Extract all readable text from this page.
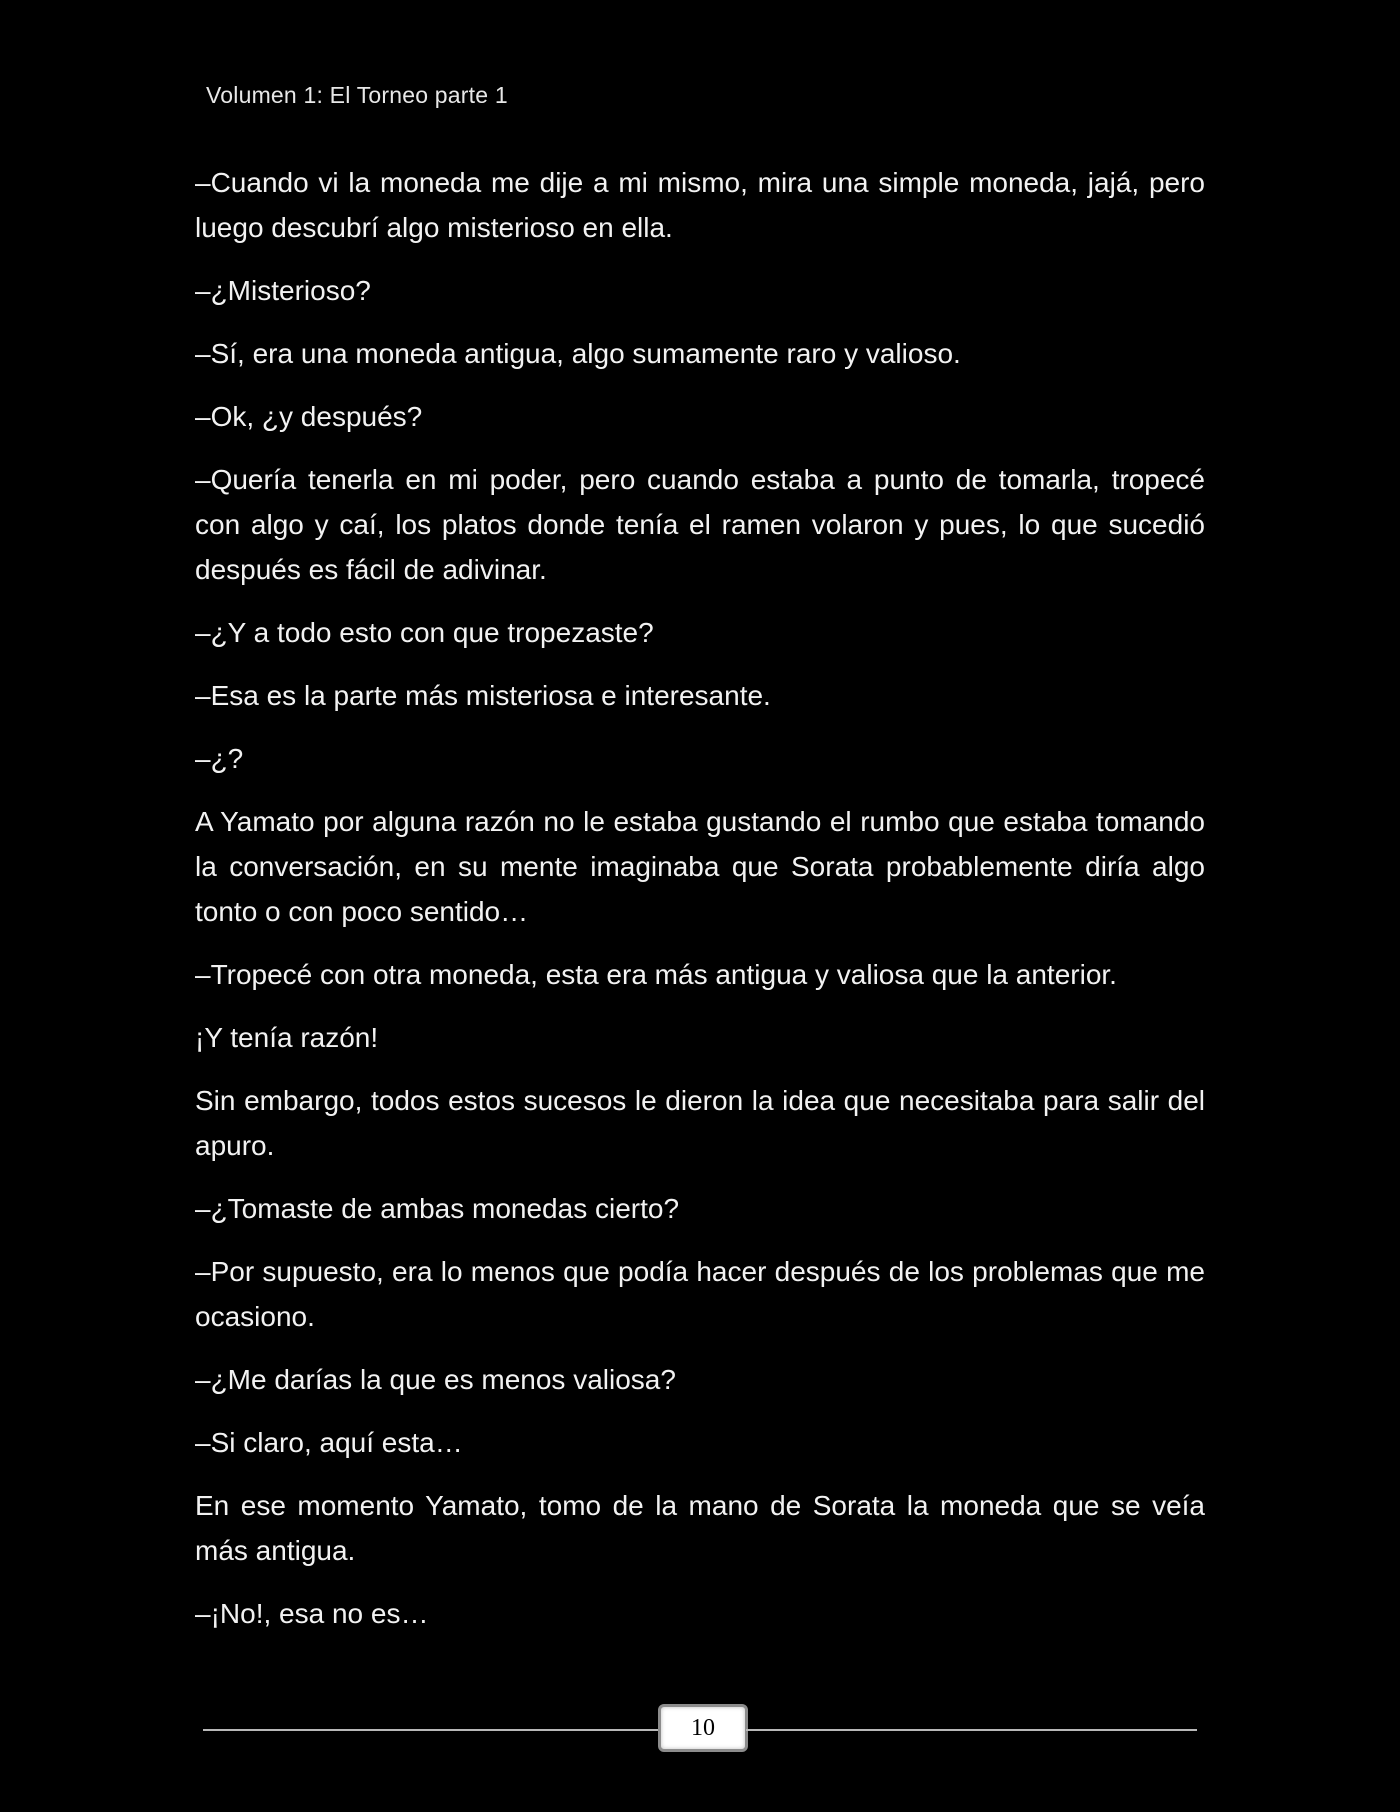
Volumen 1: El Torneo parte 1

–Cuando vi la moneda me dije a mi mismo, mira una simple moneda, jajá, pero luego descubrí algo misterioso en ella.

–¿Misterioso?

–Sí, era una moneda antigua, algo sumamente raro y valioso.

–Ok, ¿y después?

–Quería tenerla en mi poder, pero cuando estaba a punto de tomarla, tropecé con algo y caí, los platos donde tenía el ramen volaron y pues, lo que sucedió después es fácil de adivinar.

–¿Y a todo esto con que tropezaste?

–Esa es la parte más misteriosa e interesante.

–¿?

A Yamato por alguna razón no le estaba gustando el rumbo que estaba tomando la conversación, en su mente imaginaba que Sorata probablemente diría algo tonto o con poco sentido…

–Tropecé con otra moneda, esta era más antigua y valiosa que la anterior.

¡Y tenía razón!

Sin embargo, todos estos sucesos le dieron la idea que necesitaba para salir del apuro.

–¿Tomaste de ambas monedas cierto?

–Por supuesto, era lo menos que podía hacer después de los problemas que me ocasiono.

–¿Me darías la que es menos valiosa?

–Si claro, aquí esta…

En ese momento Yamato, tomo de la mano de Sorata la moneda que se veía más antigua.

–¡No!, esa no es…

10
